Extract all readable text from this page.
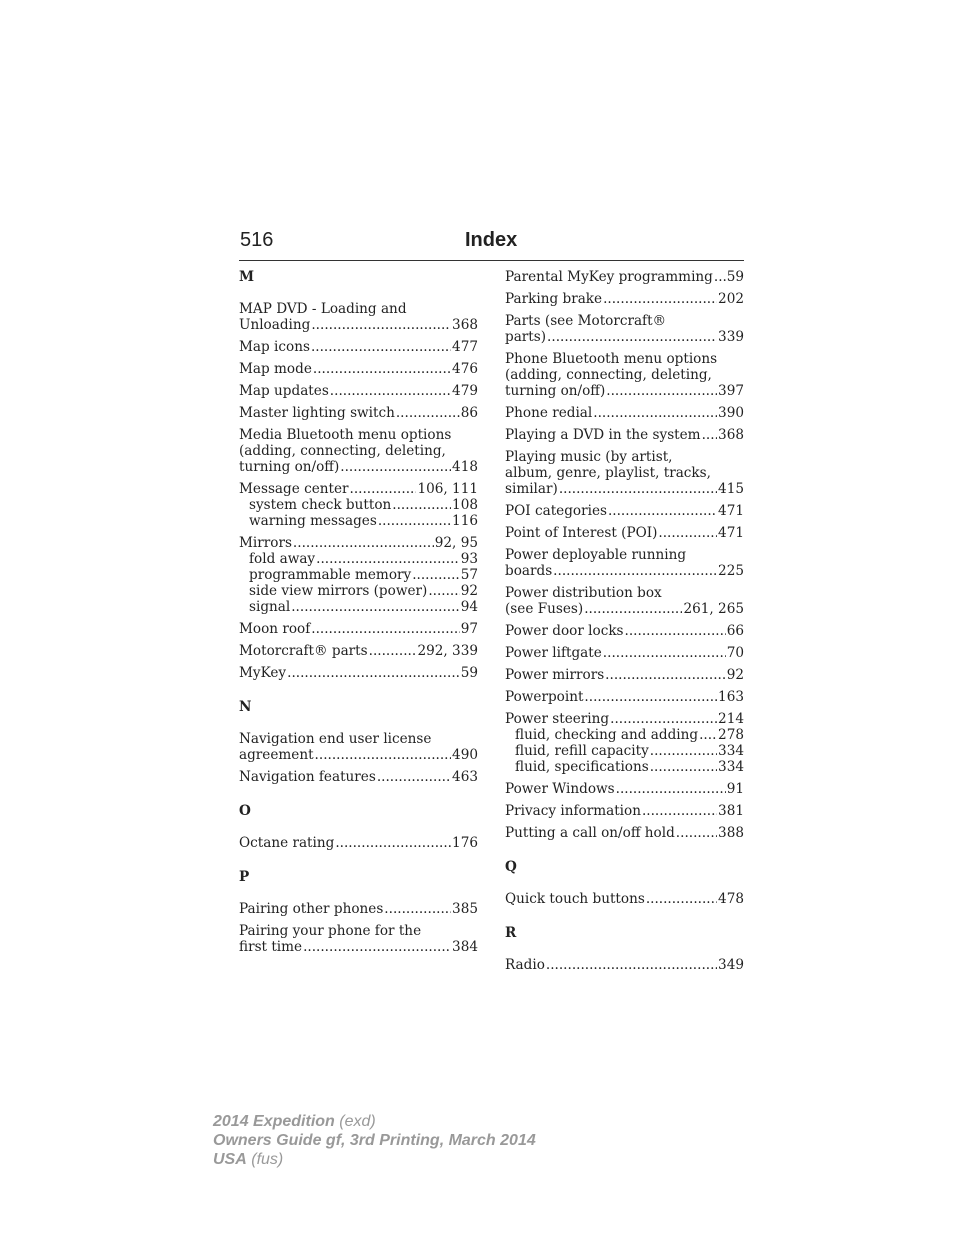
516	Index
M
MAP DVD - Loading and
Unloading .....	368
Map icons .....	477
Map mode .....	476
Map updates .....	479
Master lighting switch .....	86
Media Bluetooth menu options
(adding, connecting, deleting,
turning on/off) .....	418
Message center .....	106, 111
system check button .....	108
warning messages .....	116
Mirrors .....	92, 95
fold away .....	93
programmable memory .....	57
side view mirrors (power) ..... 92
signal .....	94
Moon roof .....	97
Motorcraft® parts .....	292, 339
MyKey .....	59
N
Navigation end user license
agreement .....	490
Navigation features .....	463
O
Octane rating .....	176
P
Pairing other phones .....	385
Pairing your phone for the
first time .....	384
Parental MyKey programming ..... 59
Parking brake .....	202
Parts (see Motorcraft®
parts) .....	339
Phone Bluetooth menu options
(adding, connecting, deleting,
turning on/off) .....	397
Phone redial .....	390
Playing a DVD in the system ..... 368
Playing music (by artist,
album, genre, playlist, tracks,
similar) .....	415
POI categories .....	471
Point of Interest (POI) .....	471
Power deployable running
boards .....	225
Power distribution box
(see Fuses) .....	261, 265
Power door locks .....	66
Power liftgate .....	70
Power mirrors .....	92
Powerpoint .....	163
Power steering .....	214
fluid, checking and adding ..... 278
fluid, refill capacity .....	334
fluid, specifications .....	334
Power Windows .....	91
Privacy information .....	381
Putting a call on/off hold .....	388
Q
Quick touch buttons .....	478
R
Radio .....	349
2014 Expedition (exd)
Owners Guide gf, 3rd Printing, March 2014
USA (fus)
